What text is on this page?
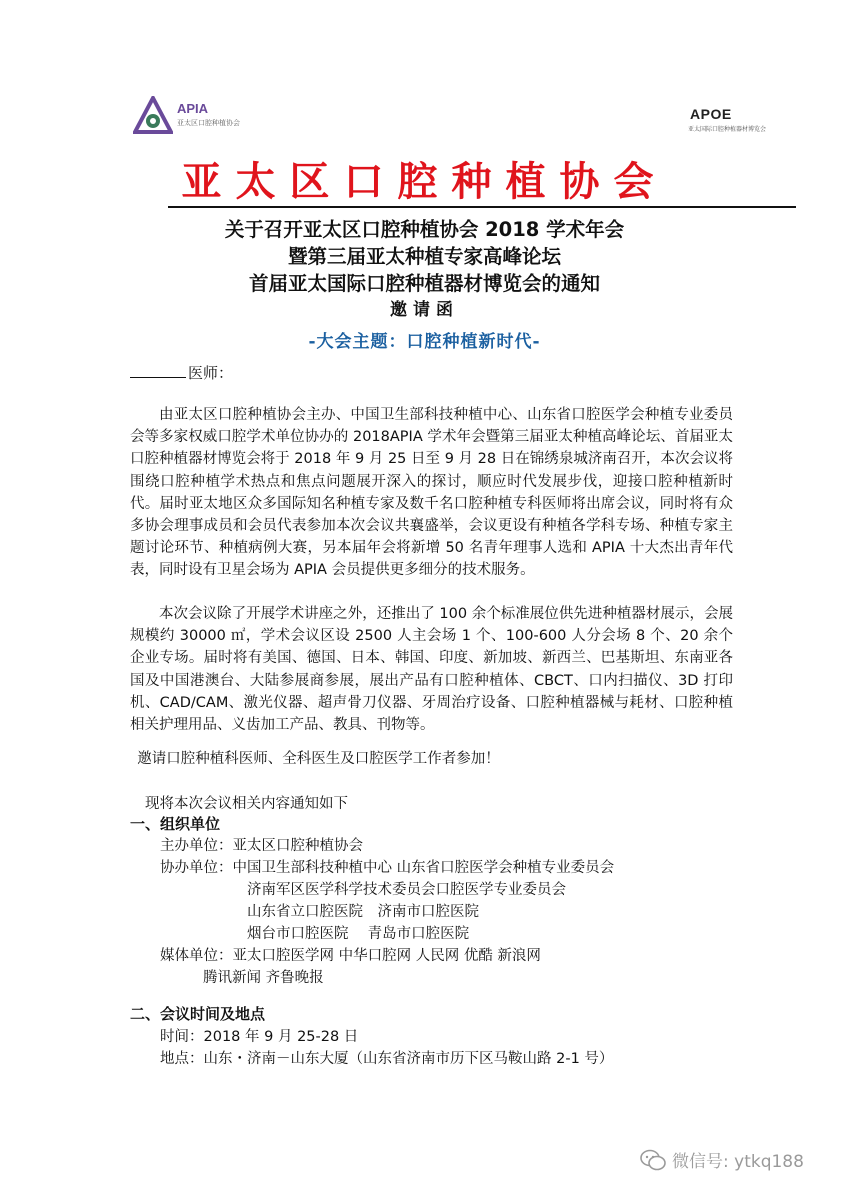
APIA
亚太区口腔种植协会
APOE
亚太国际口腔种植器材博览会
亚太区口腔种植协会
关于召开亚太区口腔种植协会 2018 学术年会
暨第三届亚太种植专家高峰论坛
首届亚太国际口腔种植器材博览会的通知
邀请函
-大会主题：口腔种植新时代-
医师：

由亚太区口腔种植协会主办、中国卫生部科技种植中心、山东省口腔医学会种植专业委员会等多家权威口腔学术单位协办的 2018APIA 学术年会暨第三届亚太种植高峰论坛、首届亚太口腔种植器材博览会将于 2018 年 9 月 25 日至 9 月 28 日在锦绣泉城济南召开，本次会议将围绕口腔种植学术热点和焦点问题展开深入的探讨，顺应时代发展步伐，迎接口腔种植新时代。届时亚太地区众多国际知名种植专家及数千名口腔种植专科医师将出席会议，同时将有众多协会理事成员和会员代表参加本次会议共襄盛举，会议更设有种植各学科专场、种植专家主题讨论环节、种植病例大赛，另本届年会将新增 50 名青年理事人选和 APIA 十大杰出青年代表，同时设有卫星会场为 APIA 会员提供更多细分的技术服务。

本次会议除了开展学术讲座之外，还推出了 100 余个标准展位供先进种植器材展示，会展规模约 30000 ㎡，学术会议区设 2500 人主会场 1 个、100-600 人分会场 8 个、20 余个企业专场。届时将有美国、德国、日本、韩国、印度、新加坡、新西兰、巴基斯坦、东南亚各国及中国港澳台、大陆参展商参展，展出产品有口腔种植体、CBCT、口内扫描仪、3D 打印机、CAD/CAM、激光仪器、超声骨刀仪器、牙周治疗设备、口腔种植器械与耗材、口腔种植相关护理用品、义齿加工产品、教具、刊物等。

邀请口腔种植科医师、全科医生及口腔医学工作者参加！

现将本次会议相关内容通知如下
一、组织单位
主办单位：亚太区口腔种植协会
协办单位：中国卫生部科技种植中心 山东省口腔医学会种植专业委员会
济南军区医学科学技术委员会口腔医学专业委员会
山东省立口腔医院　济南市口腔医院
烟台市口腔医院　 青岛市口腔医院
媒体单位：亚太口腔医学网 中华口腔网 人民网 优酷 新浪网
腾讯新闻 齐鲁晚报
二、会议时间及地点
时间：2018 年 9 月 25-28 日
地点：山东・济南－山东大厦（山东省济南市历下区马鞍山路 2-1 号）
微信号: ytkq188
